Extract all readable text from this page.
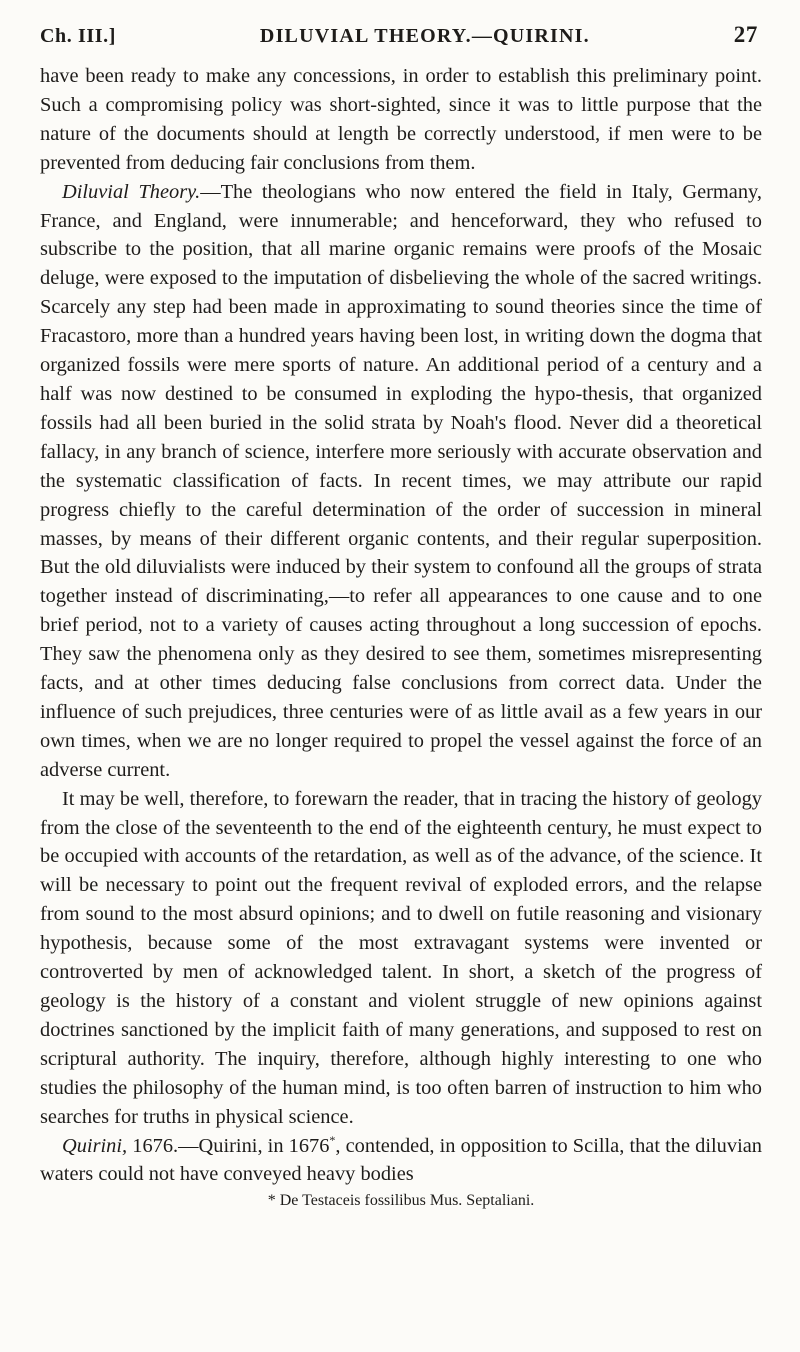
Ch. III.]	DILUVIAL THEORY.—QUIRINI.	27

have been ready to make any concessions, in order to establish this preliminary point. Such a compromising policy was short-sighted, since it was to little purpose that the nature of the documents should at length be correctly understood, if men were to be prevented from deducing fair conclusions from them.

Diluvial Theory.—The theologians who now entered the field in Italy, Germany, France, and England, were innumerable; and henceforward, they who refused to subscribe to the position, that all marine organic remains were proofs of the Mosaic deluge, were exposed to the imputation of disbelieving the whole of the sacred writings. Scarcely any step had been made in approximating to sound theories since the time of Fracastoro, more than a hundred years having been lost, in writing down the dogma that organized fossils were mere sports of nature. An additional period of a century and a half was now destined to be consumed in exploding the hypo-thesis, that organized fossils had all been buried in the solid strata by Noah's flood. Never did a theoretical fallacy, in any branch of science, interfere more seriously with accurate observation and the systematic classification of facts. In recent times, we may attribute our rapid progress chiefly to the careful determination of the order of succession in mineral masses, by means of their different organic contents, and their regular superposition. But the old diluvialists were induced by their system to confound all the groups of strata together instead of discriminating,—to refer all appearances to one cause and to one brief period, not to a variety of causes acting throughout a long succession of epochs. They saw the phenomena only as they desired to see them, sometimes misrepresenting facts, and at other times deducing false conclusions from correct data. Under the influence of such prejudices, three centuries were of as little avail as a few years in our own times, when we are no longer required to propel the vessel against the force of an adverse current.

It may be well, therefore, to forewarn the reader, that in tracing the history of geology from the close of the seventeenth to the end of the eighteenth century, he must expect to be occupied with accounts of the retardation, as well as of the advance, of the science. It will be necessary to point out the frequent revival of exploded errors, and the relapse from sound to the most absurd opinions; and to dwell on futile reasoning and visionary hypothesis, because some of the most extravagant systems were invented or controverted by men of acknowledged talent. In short, a sketch of the progress of geology is the history of a constant and violent struggle of new opinions against doctrines sanctioned by the implicit faith of many generations, and supposed to rest on scriptural authority. The inquiry, therefore, although highly interesting to one who studies the philosophy of the human mind, is too often barren of instruction to him who searches for truths in physical science.

Quirini, 1676.—Quirini, in 1676*, contended, in opposition to Scilla, that the diluvian waters could not have conveyed heavy bodies

* De Testaceis fossilibus Mus. Septaliani.
